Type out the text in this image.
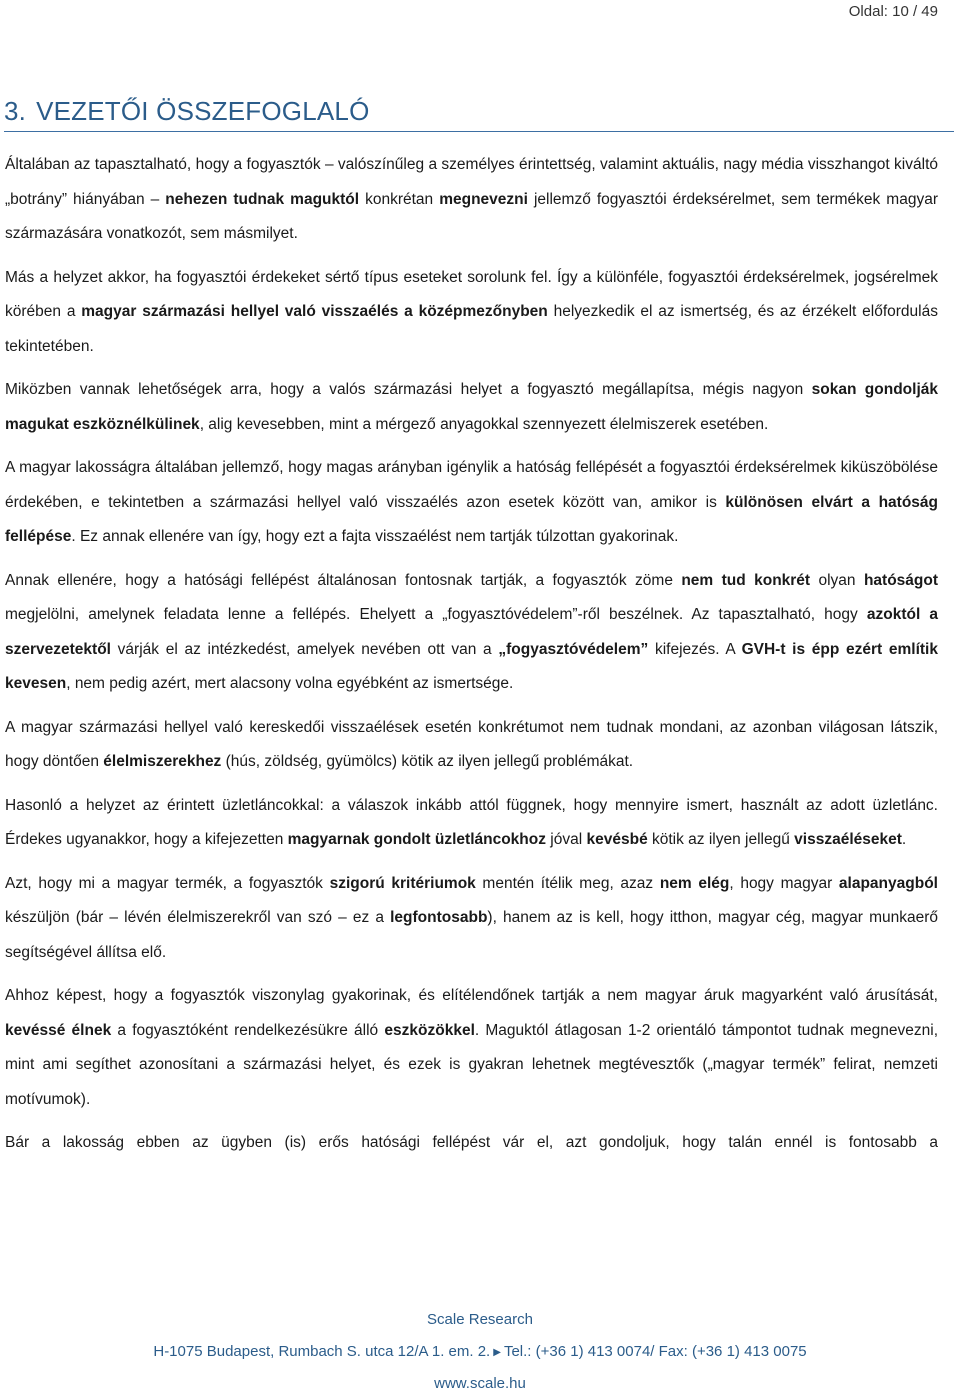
Oldal: 10 / 49
3. VEZETŐI ÖSSZEFOGLALÓ

Általában az tapasztalható, hogy a fogyasztók – valószínűleg a személyes érintettség, valamint aktuális, nagy média visszhangot kiváltó „botrány” hiányában – nehezen tudnak maguktól konkrétan megnevezni jellemző fogyasztói érdeksérelmet, sem termékek magyar származására vonatkozót, sem másmilyet.

Más a helyzet akkor, ha fogyasztói érdekeket sértő típus eseteket sorolunk fel. Így a különféle, fogyasztói érdeksérelmek, jogsérelmek körében a magyar származási hellyel való visszaélés a középmezőnyben helyezkedik el az ismertség, és az érzékelt előfordulás tekintetében.

Miközben vannak lehetőségek arra, hogy a valós származási helyet a fogyasztó megállapítsa, mégis nagyon sokan gondolják magukat eszköznélkülinek, alig kevesebben, mint a mérgező anyagokkal szennyezett élelmiszerek esetében.

A magyar lakosságra általában jellemző, hogy magas arányban igénylik a hatóság fellépését a fogyasztói érdeksérelmek kiküszöbölése érdekében, e tekintetben a származási hellyel való visszaélés azon esetek között van, amikor is különösen elvárt a hatóság fellépése. Ez annak ellenére van így, hogy ezt a fajta visszaélést nem tartják túlzottan gyakorinak.

Annak ellenére, hogy a hatósági fellépést általánosan fontosnak tartják, a fogyasztók zöme nem tud konkrét olyan hatóságot megjelölni, amelynek feladata lenne a fellépés. Ehelyett a „fogyasztóvédelem”-ről beszélnek. Az tapasztalható, hogy azoktól a szervezetektől várják el az intézkedést, amelyek nevében ott van a „fogyasztóvédelem” kifejezés. A GVH-t is épp ezért említik kevesen, nem pedig azért, mert alacsony volna egyébként az ismertsége.

A magyar származási hellyel való kereskedői visszaélések esetén konkrétumot nem tudnak mondani, az azonban világosan látszik, hogy döntően élelmiszerekhez (hús, zöldség, gyümölcs) kötik az ilyen jellegű problémákat.

Hasonló a helyzet az érintett üzletláncokkal: a válaszok inkább attól függnek, hogy mennyire ismert, használt az adott üzletlánc. Érdekes ugyanakkor, hogy a kifejezetten magyarnak gondolt üzletláncokhoz jóval kevésbé kötik az ilyen jellegű visszaéléseket.

Azt, hogy mi a magyar termék, a fogyasztók szigorú kritériumok mentén ítélik meg, azaz nem elég, hogy magyar alapanyagból készüljön (bár – lévén élelmiszerekről van szó – ez a legfontosabb), hanem az is kell, hogy itthon, magyar cég, magyar munkaerő segítségével állítsa elő.

Ahhoz képest, hogy a fogyasztók viszonylag gyakorinak, és elítélendőnek tartják a nem magyar áruk magyarként való árusítását, kevéssé élnek a fogyasztóként rendelkezésükre álló eszközökkel. Maguktól átlagosan 1-2 orientáló támpontot tudnak megnevezni, mint ami segíthet azonosítani a származási helyet, és ezek is gyakran lehetnek megtévesztők („magyar termék” felirat, nemzeti motívumok).

Bár a lakosság ebben az ügyben (is) erős hatósági fellépést vár el, azt gondoljuk, hogy talán ennél is fontosabb a

Scale Research
H-1075 Budapest, Rumbach S. utca 12/A 1. em. 2. ▶ Tel.: (+36 1) 413 0074/ Fax: (+36 1) 413 0075
www.scale.hu
